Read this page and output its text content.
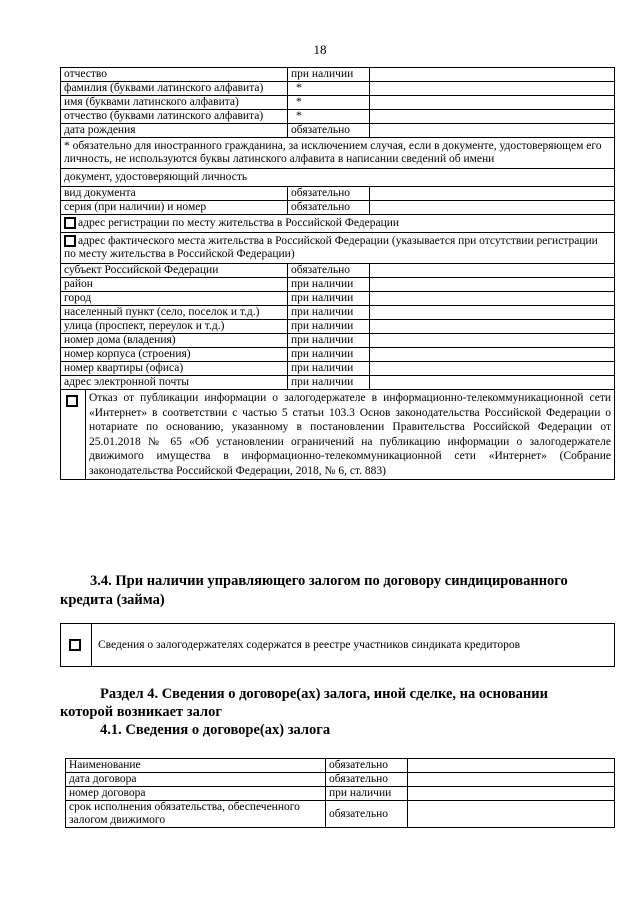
18
отчество	при наличии	
фамилия (буквами латинского алфавита)	*	
имя (буквами латинского алфавита)	*	
отчество (буквами латинского алфавита)	*	
дата рождения	обязательно	
* обязательно для иностранного гражданина, за исключением случая, если в документе, удостоверяющем его личность, не используются буквы латинского алфавита в написании сведений об имени		
документ, удостоверяющий личность		
вид документа	обязательно	
серия (при наличии) и номер	обязательно	
адрес регистрации по месту жительства в Российской Федерации		
адрес фактического места жительства в Российской Федерации (указывается при отсутствии регистрации по месту жительства в Российской Федерации)		
субъект Российской Федерации	обязательно	
район	при наличии	
город	при наличии	
населенный пункт (село, поселок и т.д.)	при наличии	
улица (проспект, переулок и т.д.)	при наличии	
номер дома (владения)	при наличии	
номер корпуса (строения)	при наличии	
номер квартиры (офиса)	при наличии	
адрес электронной почты	при наличии	

Отказ от публикации информации о залогодержателе в информационно-телекоммуникационной сети «Интернет» в соответствии с частью 5 статьи 103.3 Основ законодательства Российской Федерации о нотариате по основанию, указанному в постановлении Правительства Российской Федерации от 25.01.2018 № 65 «Об установлении ограничений на публикацию информации о залогодержателе движимого имущества в информационно-телекоммуникационной сети «Интернет» (Собрание законодательства Российской Федерации, 2018, № 6, ст. 883)		
3.4. При наличии управляющего залогом по договору синдицированного
кредита (займа)
Сведения о залогодержателях содержатся в реестре участников синдиката кредиторов
Раздел 4. Сведения о договоре(ах) залога, иной сделке, на основании
которой возникает залог
4.1. Сведения о договоре(ах) залога
Наименование	обязательно	
дата договора	обязательно	
номер договора	при наличии	
срок исполнения обязательства, обеспеченного залогом движимого	обязательно	
